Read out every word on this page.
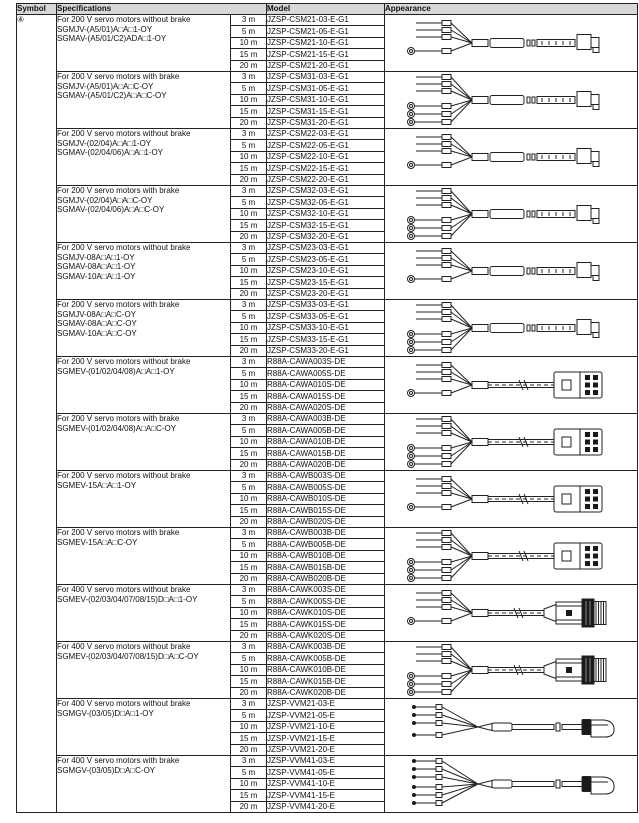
Symbol	Specifications		Model	Appearance
④	For 200 V servo motors without brake
SGMJV-(A5/01)A□A□1-OY
SGMAV-(A5/01/C2)ADA□1-OY	3 m	JZSP-CSM21-03-E-G1	
		5 m	JZSP-CSM21-05-E-G1	
		10 m	JZSP-CSM21-10-E-G1	
		15 m	JZSP-CSM21-15-E-G1	
		20 m	JZSP-CSM21-20-E-G1	

	For 200 V servo motors with brake
SGMJV-(A5/01)A□A□C-OY
SGMAV-(A5/01/C2)A□A□C-OY	3 m	JZSP-CSM31-03-E-G1	
		5 m	JZSP-CSM31-05-E-G1	
		10 m	JZSP-CSM31-10-E-G1	
		15 m	JZSP-CSM31-15-E-G1	
		20 m	JZSP-CSM31-20-E-G1	

	For 200 V servo motors without brake
SGMJV-(02/04)A□A□1-OY
SGMAV-(02/04/06)A□A□1-OY	3 m	JZSP-CSM22-03-E-G1	
		5 m	JZSP-CSM22-05-E-G1	
		10 m	JZSP-CSM22-10-E-G1	
		15 m	JZSP-CSM22-15-E-G1	
		20 m	JZSP-CSM22-20-E-G1	

	For 200 V servo motors with brake
SGMJV-(02/04)A□A□C-OY
SGMAV-(02/04/06)A□A□C-OY	3 m	JZSP-CSM32-03-E-G1	
		5 m	JZSP-CSM32-05-E-G1	
		10 m	JZSP-CSM32-10-E-G1	
		15 m	JZSP-CSM32-15-E-G1	
		20 m	JZSP-CSM32-20-E-G1	

	For 200 V servo motors without brake
SGMJV-08A□A□1-OY
SGMAV-08A□A□1-OY
SGMAV-10A□A□1-OY	3 m	JZSP-CSM23-03-E-G1	
		5 m	JZSP-CSM23-05-E-G1	
		10 m	JZSP-CSM23-10-E-G1	
		15 m	JZSP-CSM23-15-E-G1	
		20 m	JZSP-CSM23-20-E-G1	

	For 200 V servo motors with brake
SGMJV-08A□A□C-OY
SGMAV-08A□A□C-OY
SGMAV-10A□A□C-OY	3 m	JZSP-CSM33-03-E-G1	
		5 m	JZSP-CSM33-05-E-G1	
		10 m	JZSP-CSM33-10-E-G1	
		15 m	JZSP-CSM33-15-E-G1	
		20 m	JZSP-CSM33-20-E-G1	

	For 200 V servo motors without brake
SGMEV-(01/02/04/08)A□A□1-OY	3 m	R88A-CAWA003S-DE	
		5 m	R88A-CAWA005S-DE	
		10 m	R88A-CAWA010S-DE	
		15 m	R88A-CAWA015S-DE	
		20 m	R88A-CAWA020S-DE	

	For 200 V servo motors with brake
SGMEV-(01/02/04/08)A□A□C-OY	3 m	R88A-CAWA003B-DE	
		5 m	R88A-CAWA005B-DE	
		10 m	R88A-CAWA010B-DE	
		15 m	R88A-CAWA015B-DE	
		20 m	R88A-CAWA020B-DE	

	For 200 V servo motors without brake
SGMEV-15A□A□1-OY	3 m	R88A-CAWB003S-DE	
		5 m	R88A-CAWB005S-DE	
		10 m	R88A-CAWB010S-DE	
		15 m	R88A-CAWB015S-DE	
		20 m	R88A-CAWB020S-DE	

	For 200 V servo motors with brake
SGMEV-15A□A□C-OY	3 m	R88A-CAWB003B-DE	
		5 m	R88A-CAWB005B-DE	
		10 m	R88A-CAWB010B-DE	
		15 m	R88A-CAWB015B-DE	
		20 m	R88A-CAWB020B-DE	

	For 400 V servo motors without brake
SGMEV-(02/03/04/07/08/15)D□A□1-OY	3 m	R88A-CAWK003S-DE	
		5 m	R88A-CAWK005S-DE	
		10 m	R88A-CAWK010S-DE	
		15 m	R88A-CAWK015S-DE	
		20 m	R88A-CAWK020S-DE	

	For 400 V servo motors without brake
SGMEV-(02/03/04/07/08/15)D□A□C-OY	3 m	R88A-CAWK003B-DE	
		5 m	R88A-CAWK005B-DE	
		10 m	R88A-CAWK010B-DE	
		15 m	R88A-CAWK015B-DE	
		20 m	R88A-CAWK020B-DE	

	For 400 V servo motors without brake
SGMGV-(03/05)D□A□1-OY	3 m	JZSP-VVM21-03-E	
		5 m	JZSP-VVM21-05-E	
		10 m	JZSP-VVM21-10-E	
		15 m	JZSP-VVM21-15-E	
		20 m	JZSP-VVM21-20-E	

	For 400 V servo motors with brake
SGMGV-(03/05)D□A□C-OY	3 m	JZSP-VVM41-03-E	
		5 m	JZSP-VVM41-05-E	
		10 m	JZSP-VVM41-10-E	
		15 m	JZSP-VVM41-15-E	
		20 m	JZSP-VVM41-20-E	
